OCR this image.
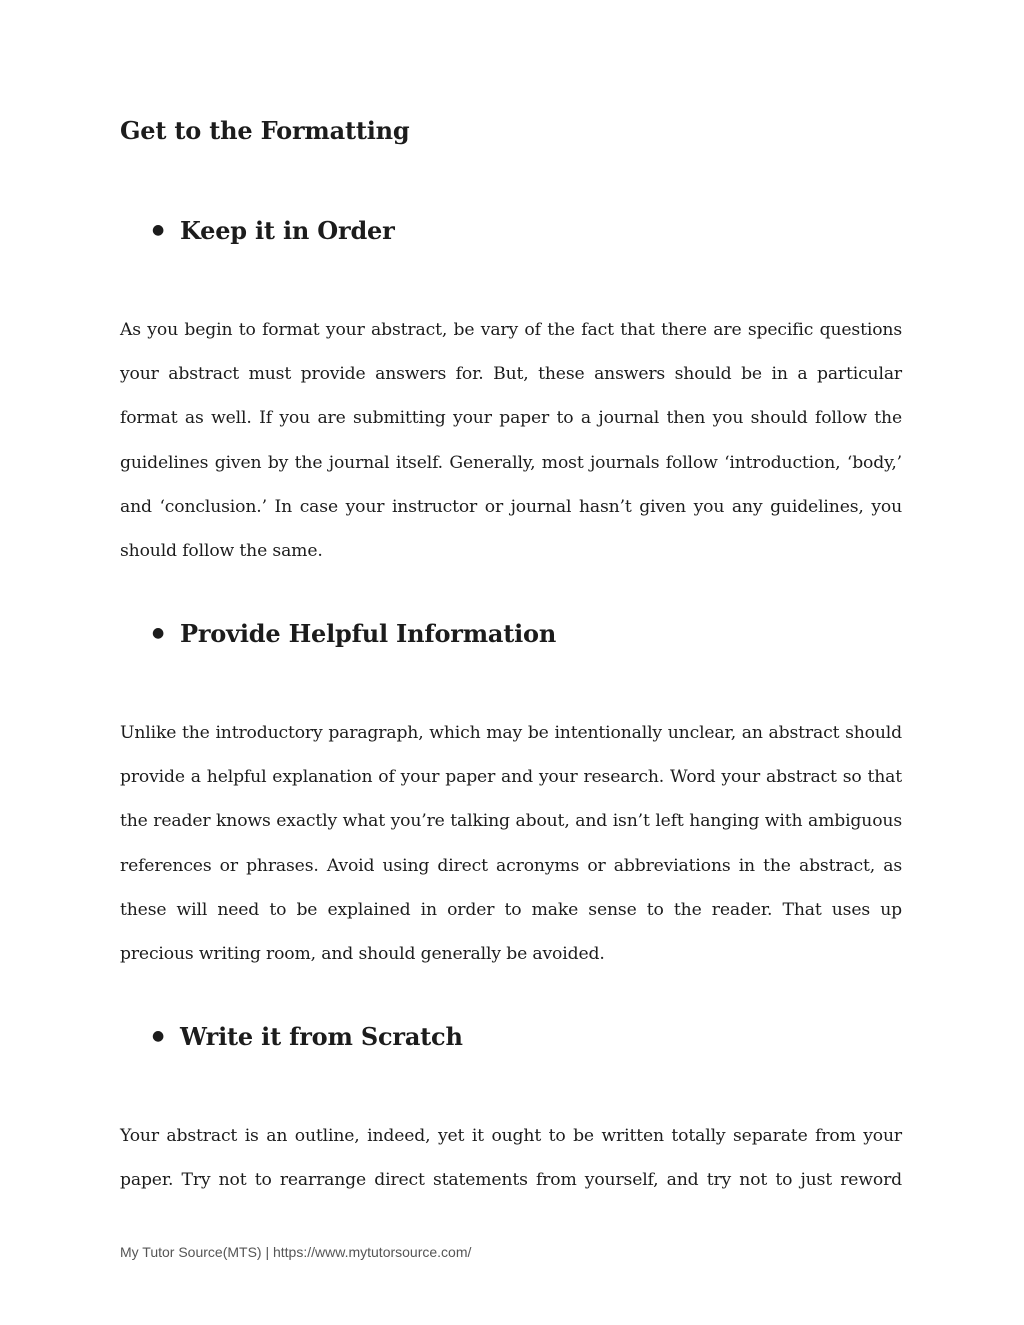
Get to the Formatting
● Keep it in Order

As you begin to format your abstract, be vary of the fact that there are specific questions your abstract must provide answers for. But, these answers should be in a particular format as well. If you are submitting your paper to a journal then you should follow the guidelines given by the journal itself. Generally, most journals follow ‘introduction, ‘body,’ and ‘conclusion.’ In case your instructor or journal hasn’t given you any guidelines, you should follow the same.

● Provide Helpful Information

Unlike the introductory paragraph, which may be intentionally unclear, an abstract should provide a helpful explanation of your paper and your research. Word your abstract so that the reader knows exactly what you’re talking about, and isn’t left hanging with ambiguous references or phrases. Avoid using direct acronyms or abbreviations in the abstract, as these will need to be explained in order to make sense to the reader. That uses up precious writing room, and should generally be avoided.

● Write it from Scratch

Your abstract is an outline, indeed, yet it ought to be written totally separate from your paper. Try not to rearrange direct statements from yourself, and try not to just reword

My Tutor Source(MTS) | https://www.mytutorsource.com/
